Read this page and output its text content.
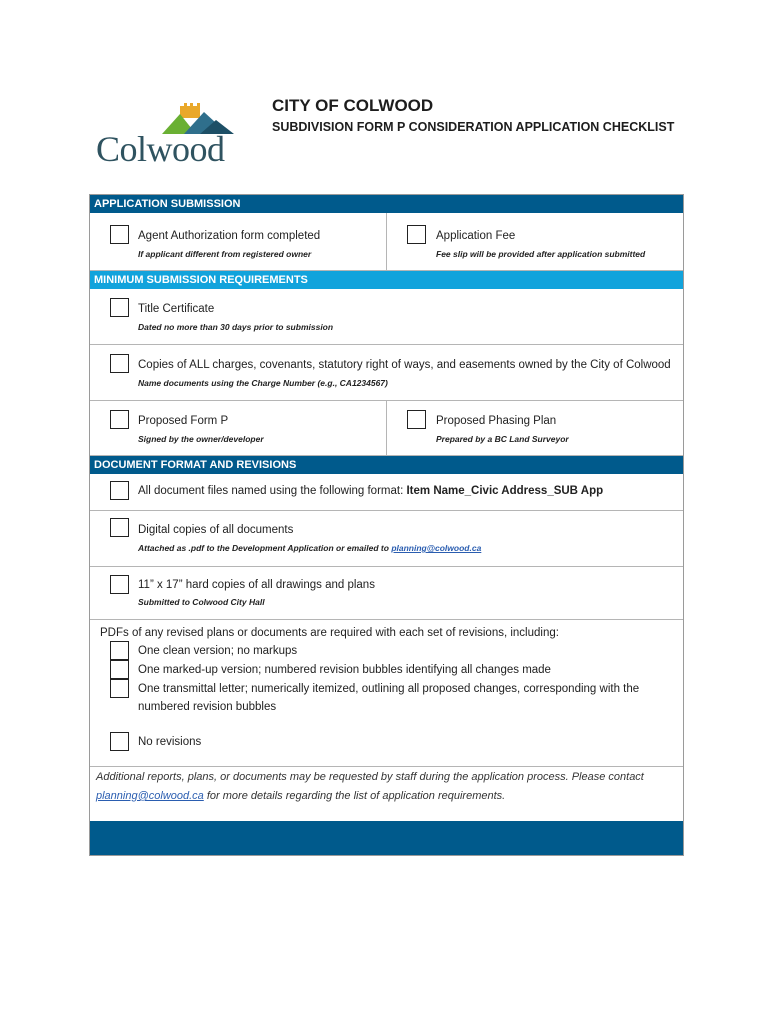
Colwood
CITY OF COLWOOD
SUBDIVISION FORM P CONSIDERATION APPLICATION CHECKLIST
APPLICATION SUBMISSION
Agent Authorization form completed
If applicant different from registered owner
Application Fee
Fee slip will be provided after application submitted
MINIMUM SUBMISSION REQUIREMENTS
Title Certificate
Dated no more than 30 days prior to submission
Copies of ALL charges, covenants, statutory right of ways, and easements owned by the City of Colwood
Name documents using the Charge Number (e.g., CA1234567)
Proposed Form P
Signed by the owner/developer
Proposed Phasing Plan
Prepared by a BC Land Surveyor
DOCUMENT FORMAT AND REVISIONS
All document files named using the following format: Item Name_Civic Address_SUB App
Digital copies of all documents
Attached as .pdf to the Development Application or emailed to planning@colwood.ca
11” x 17” hard copies of all drawings and plans
Submitted to Colwood City Hall
PDFs of any revised plans or documents are required with each set of revisions, including:
One clean version; no markups
One marked-up version; numbered revision bubbles identifying all changes made
One transmittal letter; numerically itemized, outlining all proposed changes, corresponding with the
numbered revision bubbles
No revisions
Additional reports, plans, or documents may be requested by staff during the application process. Please contact
planning@colwood.ca for more details regarding the list of application requirements.
